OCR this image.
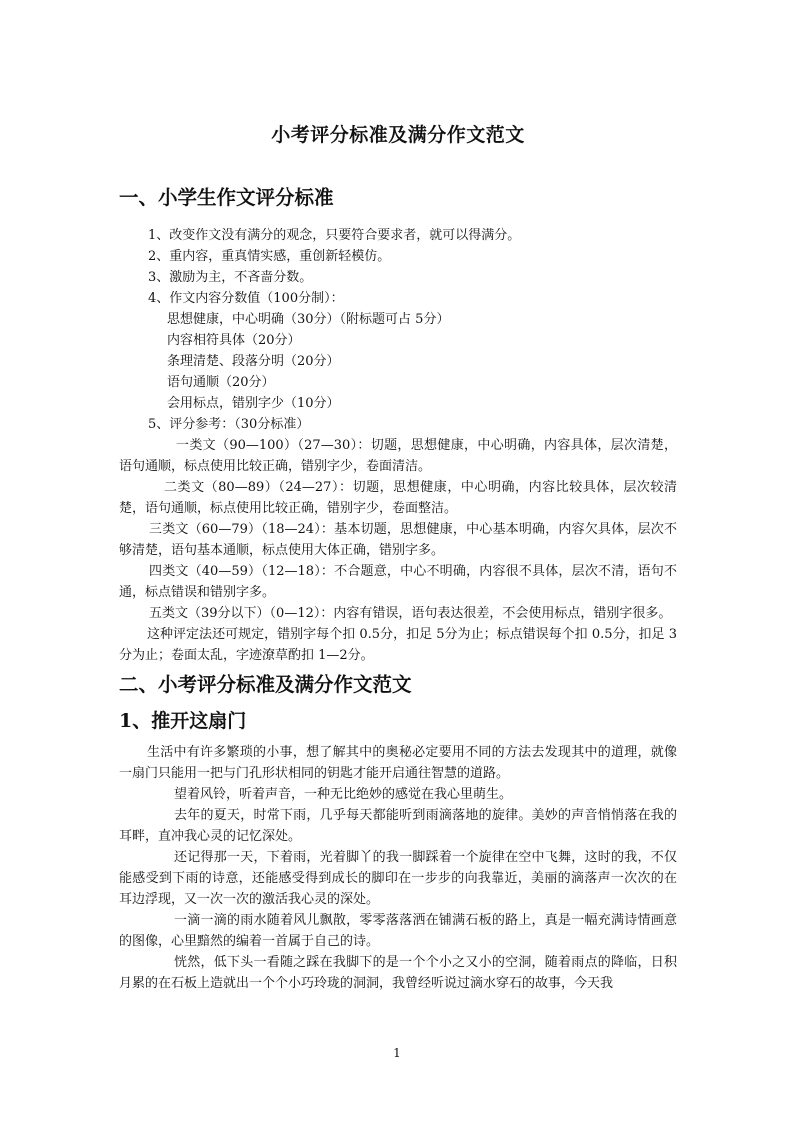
小考评分标准及满分作文范文
一、小学生作文评分标准

1、改变作文没有满分的观念，只要符合要求者，就可以得满分。

2、重内容，重真情实感，重创新轻模仿。

3、激励为主，不吝啬分数。

4、作文内容分数值（100分制）：

思想健康，中心明确（30分）（附标题可占 5分）

内容相符具体（20分）

条理清楚、段落分明（20分）

语句通顺（20分）

会用标点，错别字少（10分）

5、评分参考：（30分标准）

一类文（90—100）（27—30）：切题，思想健康，中心明确，内容具体，层次清楚，语句通顺，标点使用比较正确，错别字少，卷面清洁。

二类文（80—89）（24—27）：切题，思想健康，中心明确，内容比较具体，层次较清楚，语句通顺，标点使用比较正确，错别字少，卷面整洁。

三类文（60—79）（18—24）：基本切题，思想健康，中心基本明确，内容欠具体，层次不够清楚，语句基本通顺，标点使用大体正确，错别字多。

四类文（40—59）（12—18）：不合题意，中心不明确，内容很不具体，层次不清，语句不通，标点错误和错别字多。

五类文（39分以下）（0—12）：内容有错误，语句表达很差，不会使用标点，错别字很多。

这种评定法还可规定，错别字每个扣 0.5分，扣足 5分为止；标点错误每个扣 0.5分，扣足 3分为止；卷面太乱，字迹潦草酌扣 1—2分。

二、小考评分标准及满分作文范文
1、推开这扇门

生活中有许多繁琐的小事，想了解其中的奥秘必定要用不同的方法去发现其中的道理，就像一扇门只能用一把与门孔形状相同的钥匙才能开启通往智慧的道路。

望着风铃，听着声音，一种无比绝妙的感觉在我心里萌生。

去年的夏天，时常下雨，几乎每天都能听到雨滴落地的旋律。美妙的声音悄悄落在我的耳畔，直冲我心灵的记忆深处。

还记得那一天，下着雨，光着脚丫的我一脚踩着一个旋律在空中飞舞，这时的我，不仅能感受到下雨的诗意，还能感受得到成长的脚印在一步步的向我靠近，美丽的滴落声一次次的在耳边浮现，又一次一次的激活我心灵的深处。

一滴一滴的雨水随着风儿飘散，零零落落洒在铺满石板的路上，真是一幅充满诗情画意的图像，心里黯然的编着一首属于自己的诗。

恍然，低下头一看随之踩在我脚下的是一个个小之又小的空洞，随着雨点的降临，日积月累的在石板上造就出一个个小巧玲珑的洞洞，我曾经听说过滴水穿石的故事，今天我

1
